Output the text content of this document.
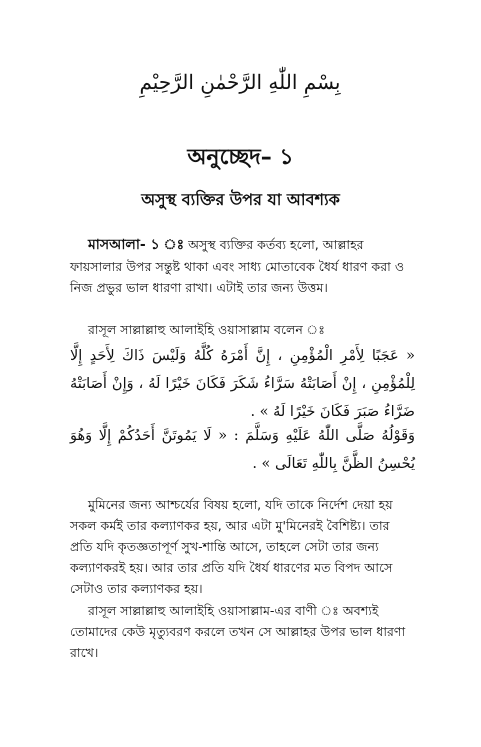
بِسْمِ اللّٰهِ الرَّحْمٰنِ الرَّحِيْمِ
অনুচ্ছেদ– ১
অসুস্থ ব্যক্তির উপর যা আবশ্যক
মাসআলা- ১ ঃ অসুস্থ ব্যক্তির কর্তব্য হলো, আল্লাহর ফায়সালার উপর সন্তুষ্ট থাকা এবং সাধ্য মোতাবেক ধৈর্য ধারণ করা ও নিজ প্রভুর ভাল ধারণা রাখা। এটাই তার জন্য উত্তম।
রাসূল সাল্লাল্লাহু আলাইহি ওয়াসাল্লাম বলেন ঃ
« عَجَبًا لِأَمْرِ الْمُؤْمِنِ ، إِنَّ أَمْرَهُ كُلَّهُ وَلَيْسَ ذَاكَ لِأَحَدٍ إِلَّا لِلْمُؤْمِنِ ، إِنْ أَصَابَتْهُ سَرَّاءُ شَكَرَ فَكَانَ خَيْرًا لَهُ ، وَإِنْ أَصَابَتْهُ ضَرَّاءُ صَبَرَ فَكَانَ خَيْرًا لَهُ » .
وَقَوْلُهُ صَلَّى اللّٰهُ عَلَيْهِ وَسَلَّمَ : « لَا يَمُوتَنَّ أَحَدُكُمْ إِلَّا وَهُوَ يُحْسِنُ الظَّنَّ بِاللّٰهِ تَعَالَى » .
মুমিনের জন্য আশ্চর্যের বিষয় হলো, যদি তাকে নির্দেশ দেয়া হয় সকল কর্মই তার কল্যাণকর হয়, আর এটা মু'মিনেরই বৈশিষ্ট্য। তার প্রতি যদি কৃতজ্ঞতাপূর্ণ সুখ-শান্তি আসে, তাহলে সেটা তার জন্য কল্যাণকরই হয়। আর তার প্রতি যদি ধৈর্য ধারণের মত বিপদ আসে সেটাও তার কল্যাণকর হয়।
রাসূল সাল্লাল্লাহু আলাইহি ওয়াসাল্লাম-এর বাণী ঃ অবশ্যই তোমাদের কেউ মৃত্যুবরণ করলে তখন সে আল্লাহর উপর ভাল ধারণা রাখে।
